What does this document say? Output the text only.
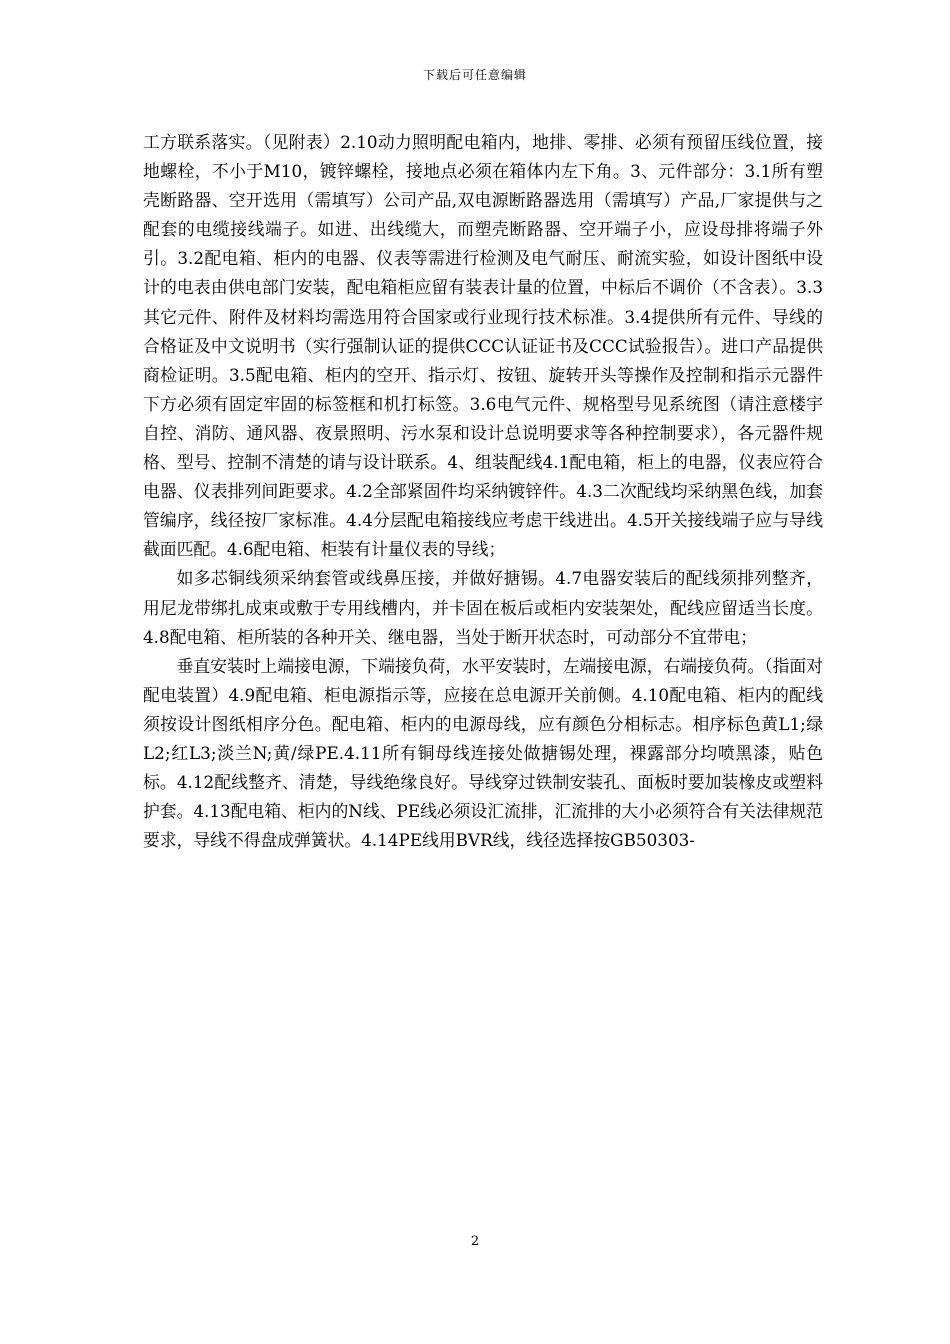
下载后可任意编辑

工方联系落实。（见附表）2.10动力照明配电箱内，地排、零排、必须有预留压线位置，接地螺栓，不小于M10，镀锌螺栓，接地点必须在箱体内左下角。3、元件部分：3.1所有塑壳断路器、空开选用（需填写）公司产品,双电源断路器选用（需填写）产品,厂家提供与之配套的电缆接线端子。如进、出线缆大，而塑壳断路器、空开端子小，应设母排将端子外引。3.2配电箱、柜内的电器、仪表等需进行检测及电气耐压、耐流实验，如设计图纸中设计的电表由供电部门安装，配电箱柜应留有装表计量的位置，中标后不调价（不含表）。3.3其它元件、附件及材料均需选用符合国家或行业现行技术标准。3.4提供所有元件、导线的合格证及中文说明书（实行强制认证的提供CCC认证证书及CCC试验报告）。进口产品提供商检证明。3.5配电箱、柜内的空开、指示灯、按钮、旋转开头等操作及控制和指示元器件下方必须有固定牢固的标签框和机打标签。3.6电气元件、规格型号见系统图（请注意楼宇自控、消防、通风器、夜景照明、污水泵和设计总说明要求等各种控制要求），各元器件规格、型号、控制不清楚的请与设计联系。4、组装配线4.1配电箱，柜上的电器，仪表应符合电器、仪表排列间距要求。4.2全部紧固件均采纳镀锌件。4.3二次配线均采纳黑色线，加套管编序，线径按厂家标准。4.4分层配电箱接线应考虑干线进出。4.5开关接线端子应与导线截面匹配。4.6配电箱、柜装有计量仪表的导线；

如多芯铜线须采纳套管或线鼻压接，并做好搪锡。4.7电器安装后的配线须排列整齐，用尼龙带绑扎成束或敷于专用线槽内，并卡固在板后或柜内安装架处，配线应留适当长度。4.8配电箱、柜所装的各种开关、继电器，当处于断开状态时，可动部分不宜带电；

垂直安装时上端接电源，下端接负荷，水平安装时，左端接电源，右端接负荷。（指面对配电装置）4.9配电箱、柜电源指示等，应接在总电源开关前侧。4.10配电箱、柜内的配线须按设计图纸相序分色。配电箱、柜内的电源母线，应有颜色分相标志。相序标色黄L1;绿L2;红L3;淡兰N;黄/绿PE.4.11所有铜母线连接处做搪锡处理，裸露部分均喷黑漆，贴色标。4.12配线整齐、清楚，导线绝缘良好。导线穿过铁制安装孔、面板时要加装橡皮或塑料护套。4.13配电箱、柜内的N线、PE线必须设汇流排，汇流排的大小必须符合有关法律规范要求，导线不得盘成弹簧状。4.14PE线用BVR线，线径选择按GB50303-

2
